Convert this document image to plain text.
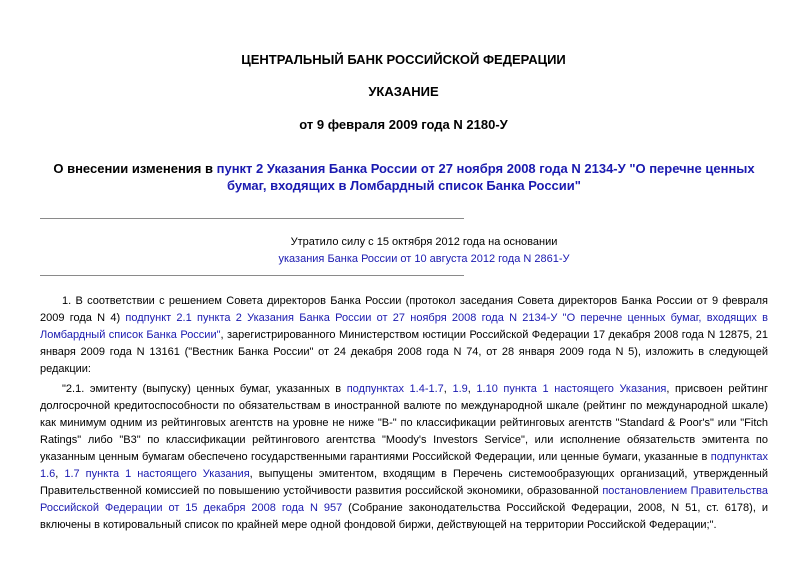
ЦЕНТРАЛЬНЫЙ БАНК РОССИЙСКОЙ ФЕДЕРАЦИИ
УКАЗАНИЕ
от 9 февраля 2009 года N 2180-У
О внесении изменения в пункт 2 Указания Банка России от 27 ноября 2008 года N 2134-У "О перечне ценных бумаг, входящих в Ломбардный список Банка России"
Утратило силу с 15 октября 2012 года на основании
указания Банка России от 10 августа 2012 года N 2861-У
1. В соответствии с решением Совета директоров Банка России (протокол заседания Совета директоров Банка России от 9 февраля 2009 года N 4) подпункт 2.1 пункта 2 Указания Банка России от 27 ноября 2008 года N 2134-У "О перечне ценных бумаг, входящих в Ломбардный список Банка России", зарегистрированного Министерством юстиции Российской Федерации 17 декабря 2008 года N 12875, 21 января 2009 года N 13161 ("Вестник Банка России" от 24 декабря 2008 года N 74, от 28 января 2009 года N 5), изложить в следующей редакции:
"2.1. эмитенту (выпуску) ценных бумаг, указанных в подпунктах 1.4-1.7, 1.9, 1.10 пункта 1 настоящего Указания, присвоен рейтинг долгосрочной кредитоспособности по обязательствам в иностранной валюте по международной шкале (рейтинг по международной шкале) как минимум одним из рейтинговых агентств на уровне не ниже "B-" по классификации рейтинговых агентств "Standard & Poor's" или "Fitch Ratings" либо "B3" по классификации рейтингового агентства "Moody's Investors Service", или исполнение обязательств эмитента по указанным ценным бумагам обеспечено государственными гарантиями Российской Федерации, или ценные бумаги, указанные в подпунктах 1.6, 1.7 пункта 1 настоящего Указания, выпущены эмитентом, входящим в Перечень системообразующих организаций, утвержденный Правительственной комиссией по повышению устойчивости развития российской экономики, образованной постановлением Правительства Российской Федерации от 15 декабря 2008 года N 957 (Собрание законодательства Российской Федерации, 2008, N 51, ст. 6178), и включены в котировальный список по крайней мере одной фондовой биржи, действующей на территории Российской Федерации;".
